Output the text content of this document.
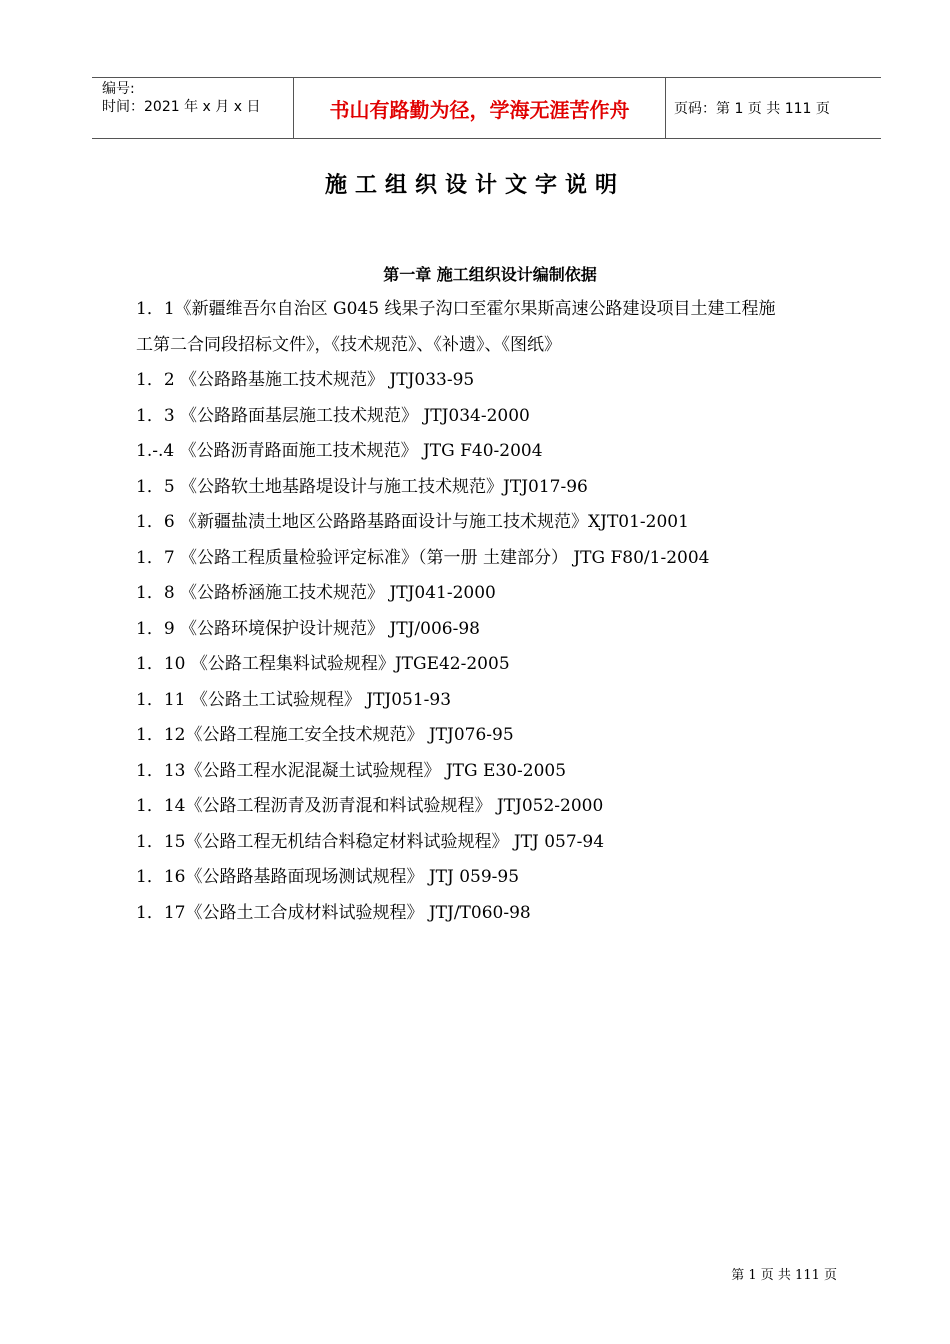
编号:
时间：2021 年 x 月 x 日	书山有路勤为径，学海无涯苦作舟	页码：第 1 页 共 111 页
施工组织设计文字说明
第一章 施工组织设计编制依据
1．1《新疆维吾尔自治区 G045 线果子沟口至霍尔果斯高速公路建设项目土建工程施
工第二合同段招标文件》，《技术规范》、《补遗》、《图纸》
1．2 《公路路基施工技术规范》 JTJ033-95
1．3 《公路路面基层施工技术规范》 JTJ034-2000
1.-.4 《公路沥青路面施工技术规范》 JTG F40-2004
1．5 《公路软土地基路堤设计与施工技术规范》JTJ017-96
1．6 《新疆盐渍土地区公路路基路面设计与施工技术规范》XJT01-2001
1．7 《公路工程质量检验评定标准》（第一册 土建部分） JTG F80/1-2004
1．8 《公路桥涵施工技术规范》 JTJ041-2000
1．9 《公路环境保护设计规范》 JTJ/006-98
1．10 《公路工程集料试验规程》JTGE42-2005
1．11 《公路土工试验规程》 JTJ051-93
1．12《公路工程施工安全技术规范》 JTJ076-95
1．13《公路工程水泥混凝土试验规程》 JTG E30-2005
1．14《公路工程沥青及沥青混和料试验规程》 JTJ052-2000
1．15《公路工程无机结合料稳定材料试验规程》 JTJ 057-94
1．16《公路路基路面现场测试规程》 JTJ 059-95
1．17《公路土工合成材料试验规程》 JTJ/T060-98
第 1 页 共 111 页
